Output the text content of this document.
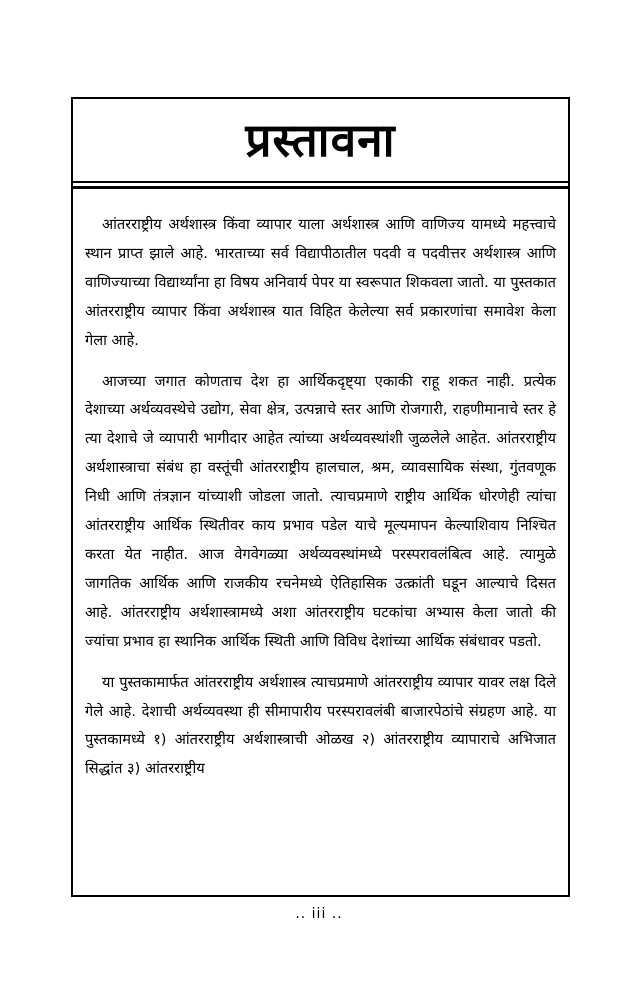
प्रस्तावना

आंतरराष्ट्रीय अर्थशास्त्र किंवा व्यापार याला अर्थशास्त्र आणि वाणिज्य यामध्ये महत्त्वाचे स्थान प्राप्त झाले आहे. भारताच्या सर्व विद्यापीठातील पदवी व पदवीत्तर अर्थशास्त्र आणि वाणिज्याच्या विद्यार्थ्यांना हा विषय अनिवार्य पेपर या स्वरूपात शिकवला जातो. या पुस्तकात आंतरराष्ट्रीय व्यापार किंवा अर्थशास्त्र यात विहित केलेल्या सर्व प्रकारणांचा समावेश केला गेला आहे.

आजच्या जगात कोणताच देश हा आर्थिकदृष्ट्या एकाकी राहू शकत नाही. प्रत्येक देशाच्या अर्थव्यवस्थेचे उद्योग, सेवा क्षेत्र, उत्पन्नाचे स्तर आणि रोजगारी, राहणीमानाचे स्तर हे त्या देशाचे जे व्यापारी भागीदार आहेत त्यांच्या अर्थव्यवस्थांशी जुळलेले आहेत. आंतरराष्ट्रीय अर्थशास्त्राचा संबंध हा वस्तूंची आंतरराष्ट्रीय हालचाल, श्रम, व्यावसायिक संस्था, गुंतवणूक निधी आणि तंत्रज्ञान यांच्याशी जोडला जातो. त्याचप्रमाणे राष्ट्रीय आर्थिक धोरणेही त्यांचा आंतरराष्ट्रीय आर्थिक स्थितीवर काय प्रभाव पडेल याचे मूल्यमापन केल्याशिवाय निश्चित करता येत नाहीत. आज वेगवेगळ्या अर्थव्यवस्थांमध्ये परस्परावलंबित्व आहे. त्यामुळे जागतिक आर्थिक आणि राजकीय रचनेमध्ये ऐतिहासिक उत्क्रांती घडून आल्याचे दिसत आहे. आंतरराष्ट्रीय अर्थशास्त्रामध्ये अशा आंतरराष्ट्रीय घटकांचा अभ्यास केला जातो की ज्यांचा प्रभाव हा स्थानिक आर्थिक स्थिती आणि विविध देशांच्या आर्थिक संबंधावर पडतो.

या पुस्तकामार्फत आंतरराष्ट्रीय अर्थशास्त्र त्याचप्रमाणे आंतरराष्ट्रीय व्यापार यावर लक्ष दिले गेले आहे. देशाची अर्थव्यवस्था ही सीमापारीय परस्परावलंबी बाजारपेठांचे संग्रहण आहे. या पुस्तकामध्ये १) आंतरराष्ट्रीय अर्थशास्त्राची ओळख २) आंतरराष्ट्रीय व्यापाराचे अभिजात सिद्धांत ३) आंतरराष्ट्रीय

.. iii ..
